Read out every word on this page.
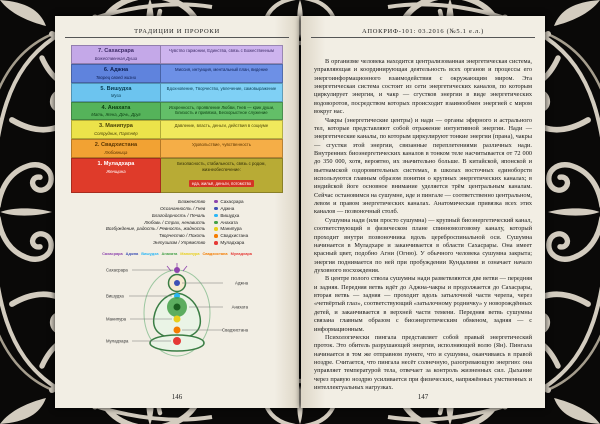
ТРАДИЦИИ И ПРОРОКИ
7. Сахасрара
Божественная Душа
Чувство гармонии, Единства, связь с Божественным
6. Аджна
Творец своей жизни
Миссия, интуиция, ментальный план, видение
5. Вишудха
Муза
Вдохновение, Творчество, увлечение, самовыражение
4. Анахата
Мать, Жена, Дочь, Друг
Искренность, проявление Любви, Гнев — крик души, Близость и привязка, Бескорыстное служение
3. Манипура
Сотрудник, Партнёр
Давление, власть, деньги, действия в социуме
2. Свадхистана
Любовница
Удовольствие, чувственность
1. Муладхара
Женщина
Безопасность, стабильность, связь с родом, жизнеобеспечение:
еда, жильё, деньги, потомство
Блаженство
Осознанность / Гнев
Благодарность / Печаль
Любовь / Страх, ненависть
Возбуждение, радость / Ревность, жадность
Творчество / Похоть
Энтузиазм / Упрямство
Сахасрара
Аджна
Вишудха
Анахата
Манипура
Свадхистана
Муладхара
Сахасрара Аджна Вишудха Анахата Манипура Свадхистана Муладхара
Сахасрара
Вишудха
Манипура
Муладхара
Аджна
Анахата
Свадхистана
146
АПОКРИФ-101: 03.2016 (№5.1 е.л.)

В организме человека находится централизованная энергетическая система, управляющая и координирующая деятельность всех органов и процессы его энергоинформационного взаимодействия с окружающим миром. Эта энергетическая система состоит из сети энергетических каналов, по которым циркулирует энергия, и чакр — сгустков энергии в виде энергетических водоворотов, посредством которых происходит взаимообмен энергией с миром вокруг нас.

Чакры (энергетические центры) и нади — органы эфирного и астрального тел, которые представляют собой отражение интуитивной энергии. Нади — энергетические каналы, по которым циркулируют тонкие энергии (прана), чакры — сгустки этой энергии, связанные переплетениями различных нади. Внутренних биоэнергетических каналов в тонком теле насчитывается от 72 000 до 350 000, хотя, вероятно, их значительно больше. В китайской, японской и вьетнамской оздоровительных системах, в школах восточных единоборств используются главным образом понятия о крупных энергетических каналах; в индийской йоге основное внимание уделяется трём центральным каналам. Сейчас остановимся на сушумне, иде и пингале — соответственно центральном, левом и правом энергетических каналах. Анатомическая привязка всех этих каналов — позвоночный столб.

Сушумна нади (или просто сушумна) — крупный биоэнергетический канал, соответствующий в физическом плане спинномозговому каналу, который проходит внутри позвоночника вдоль цереброспинальной оси. Сушумна начинается в Муладхаре и заканчивается в области Сахасрары. Она имеет красный цвет, подобно Агни (Огню). У обычного человека сушумна закрыта; энергия поднимается по ней при пробуждении Кундалини и означает начало духовного восхождения.

В центре полого ствола сушумны нади разветвляются две ветви — передняя и задняя. Передняя ветвь идёт до Аджна-чакры и продолжается до Сахасрары, вторая ветвь — задняя — проходит вдоль затылочной части черепа, через «четвёртый глаз», соответствующий «затылочному родничку» у новорождённых детей, и заканчивается в верхней части темени. Передняя ветвь сушумны связана главным образом с биоэнергетическим обменом, задняя — с информационным.

Психологически пингала представляет собой правый энергетический проток. Это обитель разрушающей энергии, исполняющей волю (Ян). Пингала начинается в том же отправном пункте, что и сушумна, оканчиваясь в правой ноздре. Считается, что пингала несёт солнечную, разогревающую энергию: она управляет температурой тела, отвечает за контроль жизненных сил. Дыхание через правую ноздрю усиливается при физических, напряжённых умственных и интеллектуальных нагрузках.

147
